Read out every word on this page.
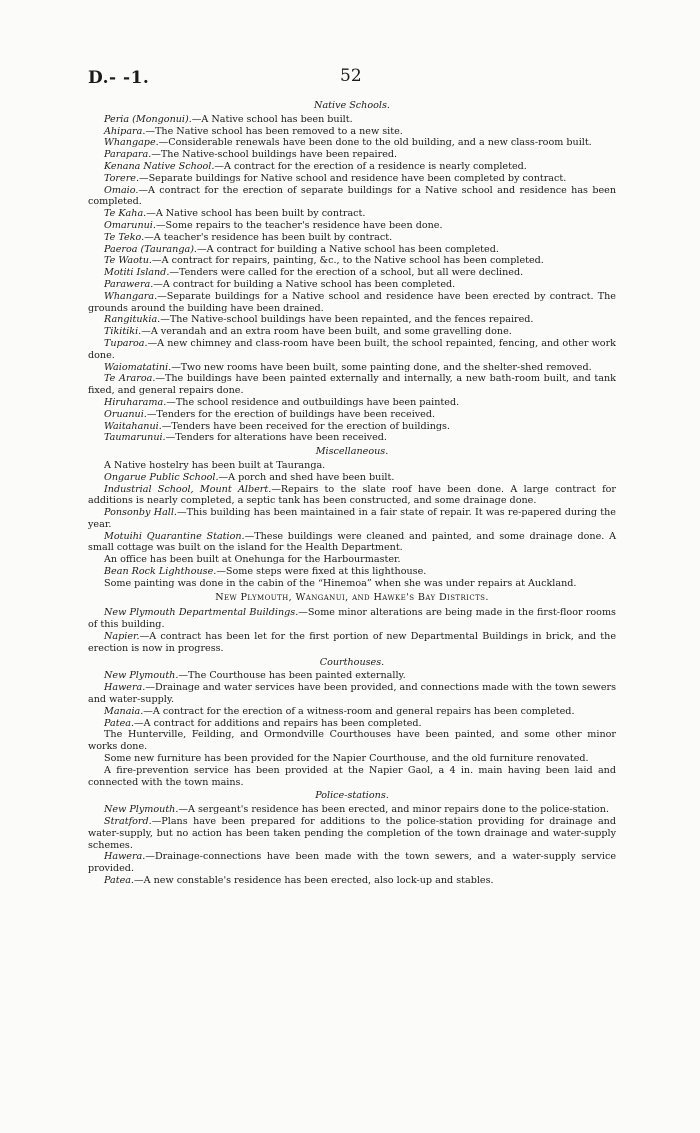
D.- -1.	52
Native Schools.

Peria (Mongonui).—A Native school has been built.

Ahipara.—The Native school has been removed to a new site.

Whangape.—Considerable renewals have been done to the old building, and a new class-room built.

Parapara.—The Native-school buildings have been repaired.

Kenana Native School.—A contract for the erection of a residence is nearly completed.

Torere.—Separate buildings for Native school and residence have been completed by contract.

Omaio.—A contract for the erection of separate buildings for a Native school and residence has been completed.

Te Kaha.—A Native school has been built by contract.

Omarunui.—Some repairs to the teacher's residence have been done.

Te Teko.—A teacher's residence has been built by contract.

Paeroa (Tauranga).—A contract for building a Native school has been completed.

Te Waotu.—A contract for repairs, painting, &c., to the Native school has been completed.

Motiti Island.—Tenders were called for the erection of a school, but all were declined.

Parawera.—A contract for building a Native school has been completed.

Whangara.—Separate buildings for a Native school and residence have been erected by contract. The grounds around the building have been drained.

Rangitukia.—The Native-school buildings have been repainted, and the fences repaired.

Tikitiki.—A verandah and an extra room have been built, and some gravelling done.

Tuparoa.—A new chimney and class-room have been built, the school repainted, fencing, and other work done.

Waiomatatini.—Two new rooms have been built, some painting done, and the shelter-shed removed.

Te Araroa.—The buildings have been painted externally and internally, a new bath-room built, and tank fixed, and general repairs done.

Hiruharama.—The school residence and outbuildings have been painted.

Oruanui.—Tenders for the erection of buildings have been received.

Waitahanui.—Tenders have been received for the erection of buildings.

Taumarunui.—Tenders for alterations have been received.

Miscellaneous.

A Native hostelry has been built at Tauranga.

Ongarue Public School.—A porch and shed have been built.

Industrial School, Mount Albert.—Repairs to the slate roof have been done. A large contract for additions is nearly completed, a septic tank has been constructed, and some drainage done.

Ponsonby Hall.—This building has been maintained in a fair state of repair. It was re-papered during the year.

Motuihi Quarantine Station.—These buildings were cleaned and painted, and some drainage done. A small cottage was built on the island for the Health Department.

An office has been built at Onehunga for the Harbourmaster.

Bean Rock Lighthouse.—Some steps were fixed at this lighthouse.

Some painting was done in the cabin of the “Hinemoa” when she was under repairs at Auckland.

New Plymouth, Wanganui, and Hawke's Bay Districts.

New Plymouth Departmental Buildings.—Some minor alterations are being made in the first-floor rooms of this building.

Napier.—A contract has been let for the first portion of new Departmental Buildings in brick, and the erection is now in progress.

Courthouses.

New Plymouth.—The Courthouse has been painted externally.

Hawera.—Drainage and water services have been provided, and connections made with the town sewers and water-supply.

Manaia.—A contract for the erection of a witness-room and general repairs has been completed.

Patea.—A contract for additions and repairs has been completed.

The Hunterville, Feilding, and Ormondville Courthouses have been painted, and some other minor works done.

Some new furniture has been provided for the Napier Courthouse, and the old furniture renovated.

A fire-prevention service has been provided at the Napier Gaol, a 4 in. main having been laid and connected with the town mains.

Police-stations.

New Plymouth.—A sergeant's residence has been erected, and minor repairs done to the police-station.

Stratford.—Plans have been prepared for additions to the police-station providing for drainage and water-supply, but no action has been taken pending the completion of the town drainage and water-supply schemes.

Hawera.—Drainage-connections have been made with the town sewers, and a water-supply service provided.

Patea.—A new constable's residence has been erected, also lock-up and stables.
